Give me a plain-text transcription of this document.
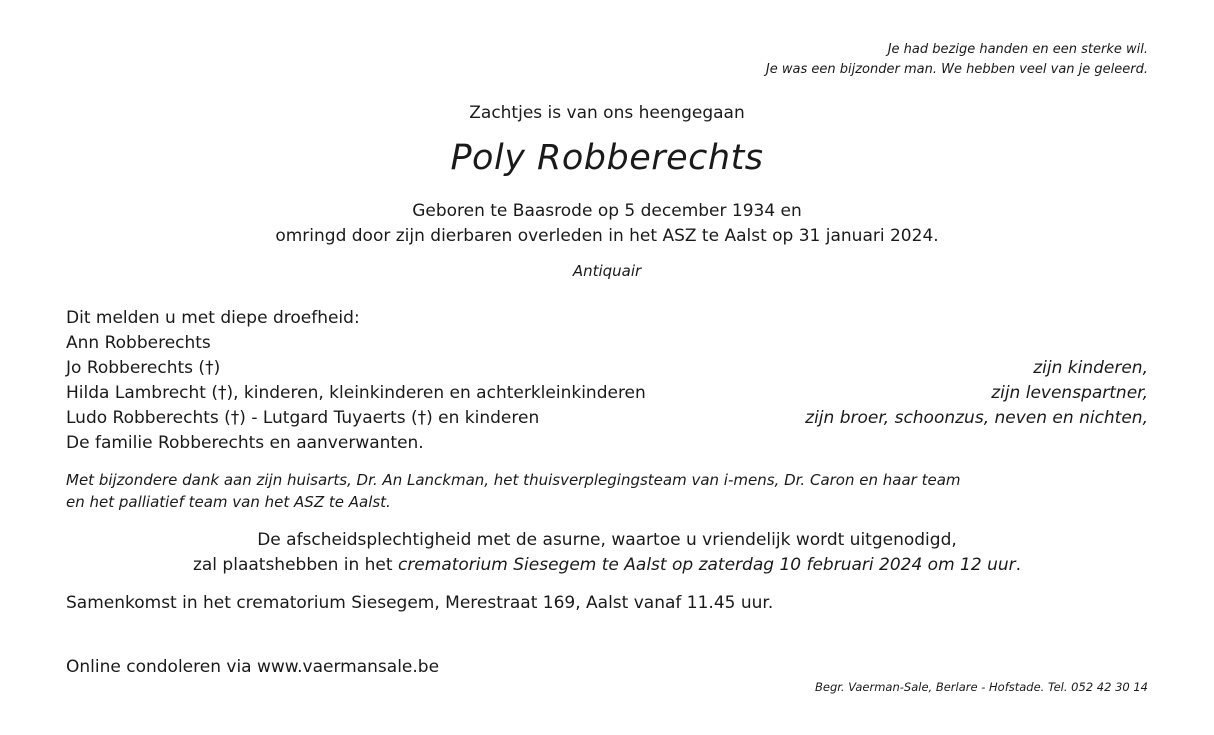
Je had bezige handen en een sterke wil.
Je was een bijzonder man. We hebben veel van je geleerd.
Zachtjes is van ons heengegaan
Poly Robberechts
Geboren te Baasrode op 5 december 1934 en
omringd door zijn dierbaren overleden in het ASZ te Aalst op 31 januari 2024.
Antiquair
Dit melden u met diepe droefheid:
Ann Robberechts
Jo Robberechts (†)	zijn kinderen,
Hilda Lambrecht (†), kinderen, kleinkinderen en achterkleinkinderen	zijn levenspartner,
Ludo Robberechts (†) - Lutgard Tuyaerts (†) en kinderen	zijn broer, schoonzus, neven en nichten,
De familie Robberechts en aanverwanten.
Met bijzondere dank aan zijn huisarts, Dr. An Lanckman, het thuisverplegingsteam van i-mens, Dr. Caron en haar team
en het palliatief team van het ASZ te Aalst.
De afscheidsplechtigheid met de asurne, waartoe u vriendelijk wordt uitgenodigd,
zal plaatshebben in het crematorium Siesegem te Aalst op zaterdag 10 februari 2024 om 12 uur.
Samenkomst in het crematorium Siesegem, Merestraat 169, Aalst vanaf 11.45 uur.
Online condoleren via www.vaermansale.be
Begr. Vaerman-Sale, Berlare - Hofstade. Tel. 052 42 30 14
